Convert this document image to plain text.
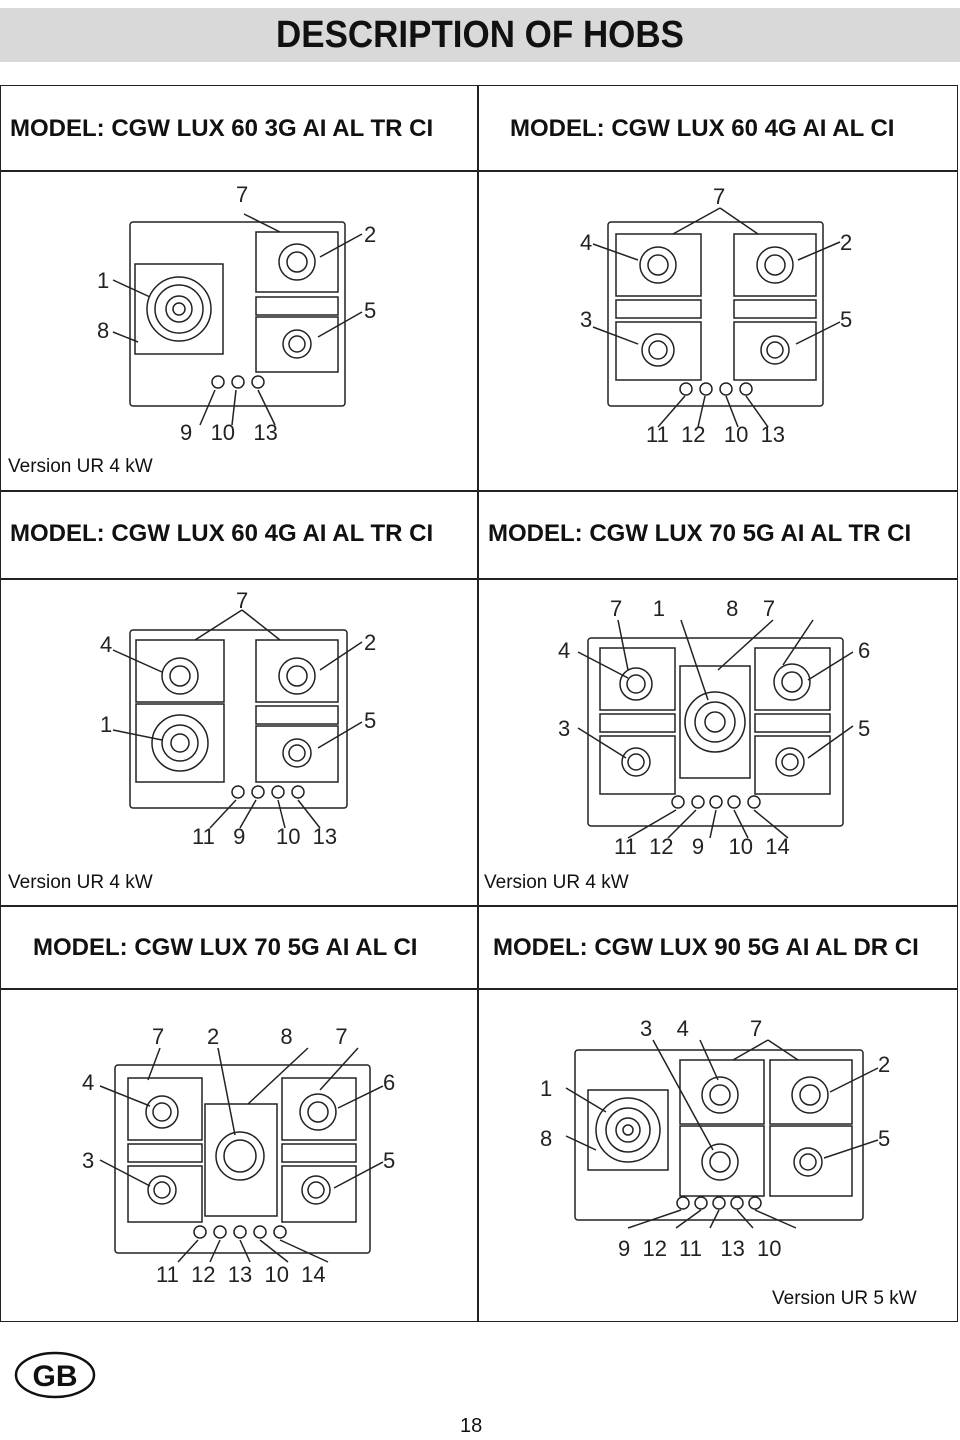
DESCRIPTION OF HOBS
MODEL: CGW LUX 60 3G AI AL TR CI	MODEL: CGW LUX 60 4G AI AL CI
MODEL: CGW LUX 60 4G AI AL TR CI MODEL: CGW LUX 70 5G AI AL TR CI
MODEL: CGW LUX 70 5G AI AL CI	MODEL: CGW LUX 90 5G AI AL DR CI
Version UR 4 kW
Version UR 4 kW	Version UR 4 kW
Version UR 5 kW
7
2
5
1
8
9   10   13
7
2
5
4
3
11  12   10  13
7
2
5
4
1
11   9     10  13
7     1          8    7
6
5
4
3
11  12   9    10  14
7       2          8       7
6
5
4
3
11  12  13  10  14
3    4          7
2
5
1
8
9  12  11   13  10
GB
18
